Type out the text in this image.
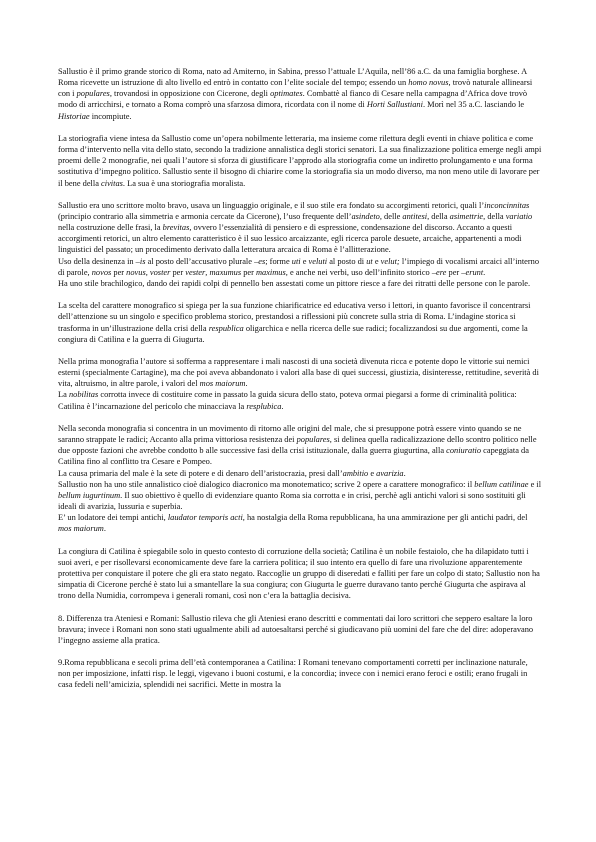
Sallustio è il primo grande storico di Roma, nato ad Amiterno, in Sabina, presso l’attuale L’Aquila, nell’86 a.C. da una famiglia borghese. A Roma ricevette un istruzione di alto livello ed entrò in contatto con l’elite sociale del tempo; essendo un homo novus, trovò naturale allinearsi con i populares, trovandosi in opposizione con Cicerone, degli optimates. Combattè al fianco di Cesare nella campagna d’Africa dove trovò modo di arricchirsi, e tornato a Roma comprò una sfarzosa dimora, ricordata con il nome di Horti Sallustiani. Morì nel 35 a.C. lasciando le Historiae incompiute.

La storiografia viene intesa da Sallustio come un’opera nobilmente letteraria, ma insieme come rilettura degli eventi in chiave politica e come forma d’intervento nella vita dello stato, secondo la tradizione annalistica degli storici senatori. La sua finalizzazione politica emerge negli ampi proemi delle 2 monografie, nei quali l’autore si sforza di giustificare l’approdo alla storiografia come un indiretto prolungamento e una forma sostitutiva d’impegno politico. Sallustio sente il bisogno di chiarire come la storiografia sia un modo diverso, ma non meno utile di lavorare per il bene della civitas. La sua è una storiografia moralista.

Sallustio era uno scrittore molto bravo, usava un linguaggio originale, e il suo stile era fondato su accorgimenti retorici, quali l’inconcinnitas (principio contrario alla simmetria e armonia cercate da Cicerone), l’uso frequente dell’asindeto, delle antitesi, della asimettrie, della variatio nella costruzione delle frasi, la brevitas, ovvero l’essenzialità di pensiero e di espressione, condensazione del discorso. Accanto a questi accorgimenti retorici, un altro elemento caratteristico è il suo lessico arcaizzante, egli ricerca parole desuete, arcaiche, appartenenti a modi linguistici del passato; un procedimento derivato dalla letteratura arcaica di Roma è l’allitterazione.

Uso della desinenza in –is al posto dell’accusativo plurale –es; forme uti e veluti al posto di ut e velut; l’impiego di vocalismi arcaici all’interno di parole, novos per novus, voster per vester, maxumus per maximus, e anche nei verbi, uso dell’infinito storico –ere per –erunt.

Ha uno stile brachilogico, dando dei rapidi colpi di pennello ben assestati come un pittore riesce a fare dei ritratti delle persone con le parole.

La scelta del carattere monografico si spiega per la sua funzione chiarificatrice ed educativa verso i lettori, in quanto favorisce il concentrarsi dell’attenzione su un singolo e specifico problema storico, prestandosi a riflessioni più concrete sulla stria di Roma. L’indagine storica si trasforma in un’illustrazione della crisi della respublica oligarchica e nella ricerca delle sue radici; focalizzandosi su due argomenti, come la congiura di Catilina e la guerra di Giugurta.

Nella prima monografia l’autore si sofferma a rappresentare i mali nascosti di una società divenuta ricca e potente dopo le vittorie sui nemici esterni (specialmente Cartagine), ma che poi aveva abbandonato i valori alla base di quei successi, giustizia, disinteresse, rettitudine, severità di vita, altruismo, in altre parole, i valori del mos maiorum.

La nobilitas corrotta invece di costituire come in passato la guida sicura dello stato, poteva ormai piegarsi a forme di criminalità politica: Catilina è l’incarnazione del pericolo che minacciava la resplubica.

Nella seconda monografia si concentra in un movimento di ritorno alle origini del male, che si presuppone potrà essere vinto quando se ne saranno strappate le radici; Accanto alla prima vittoriosa resistenza dei populares, si delinea quella radicalizzazione dello scontro politico nelle due opposte fazioni che avrebbe condotto b alle successive fasi della crisi istituzionale, dalla guerra giugurtina, alla coniuratio capeggiata da Catilina fino al conflitto tra Cesare e Pompeo.

La causa primaria del male è la sete di potere e di denaro dell’aristocrazia, presi dall’ambitio e avarizia.

Sallustio non ha uno stile annalistico cioè dialogico diacronico ma monotematico; scrive 2 opere a carattere monografico: il bellum catilinae e il bellum iugurtinum. Il suo obiettivo è quello di evidenziare quanto Roma sia corrotta e in crisi, perchè agli antichi valori si sono sostituiti gli ideali di avarizia, lussuria e superbia.

E’ un lodatore dei tempi antichi, laudator temporis acti, ha nostalgia della Roma repubblicana, ha una ammirazione per gli antichi padri, del mos maiorum.

La congiura di Catilina è spiegabile solo in questo contesto di corruzione della società; Catilina è un nobile festaiolo, che ha dilapidato tutti i suoi averi, e per risollevarsi economicamente deve fare la carriera politica; il suo intento era quello di fare una rivoluzione apparentemente protettiva per conquistare il potere che gli era stato negato. Raccoglie un gruppo di diseredati e falliti per fare un colpo di stato; Sallustio non ha simpatia di Cicerone perché è stato lui a smantellare la sua congiura; con Giugurta le guerre duravano tanto perché Giugurta che aspirava al trono della Numidia, corrompeva i generali romani, così non c’era la battaglia decisiva.

8. Differenza tra Ateniesi e Romani: Sallustio rileva che gli Ateniesi erano descritti e commentati dai loro scrittori che seppero esaltare la loro bravura; invece i Romani non sono stati ugualmente abili ad autoesaltarsi perché si giudicavano più uomini del fare che del dire: adoperavano l’ingegno assieme alla pratica.

9.Roma repubblicana e secoli prima dell’età contemporanea a Catilina: I Romani tenevano comportamenti corretti per inclinazione naturale, non per imposizione, infatti risp. le leggi, vigevano i buoni costumi, e la concordia; invece con i nemici erano feroci e ostili; erano frugali in casa fedeli nell’amicizia, splendidi nei sacrifici. Mette in mostra la
